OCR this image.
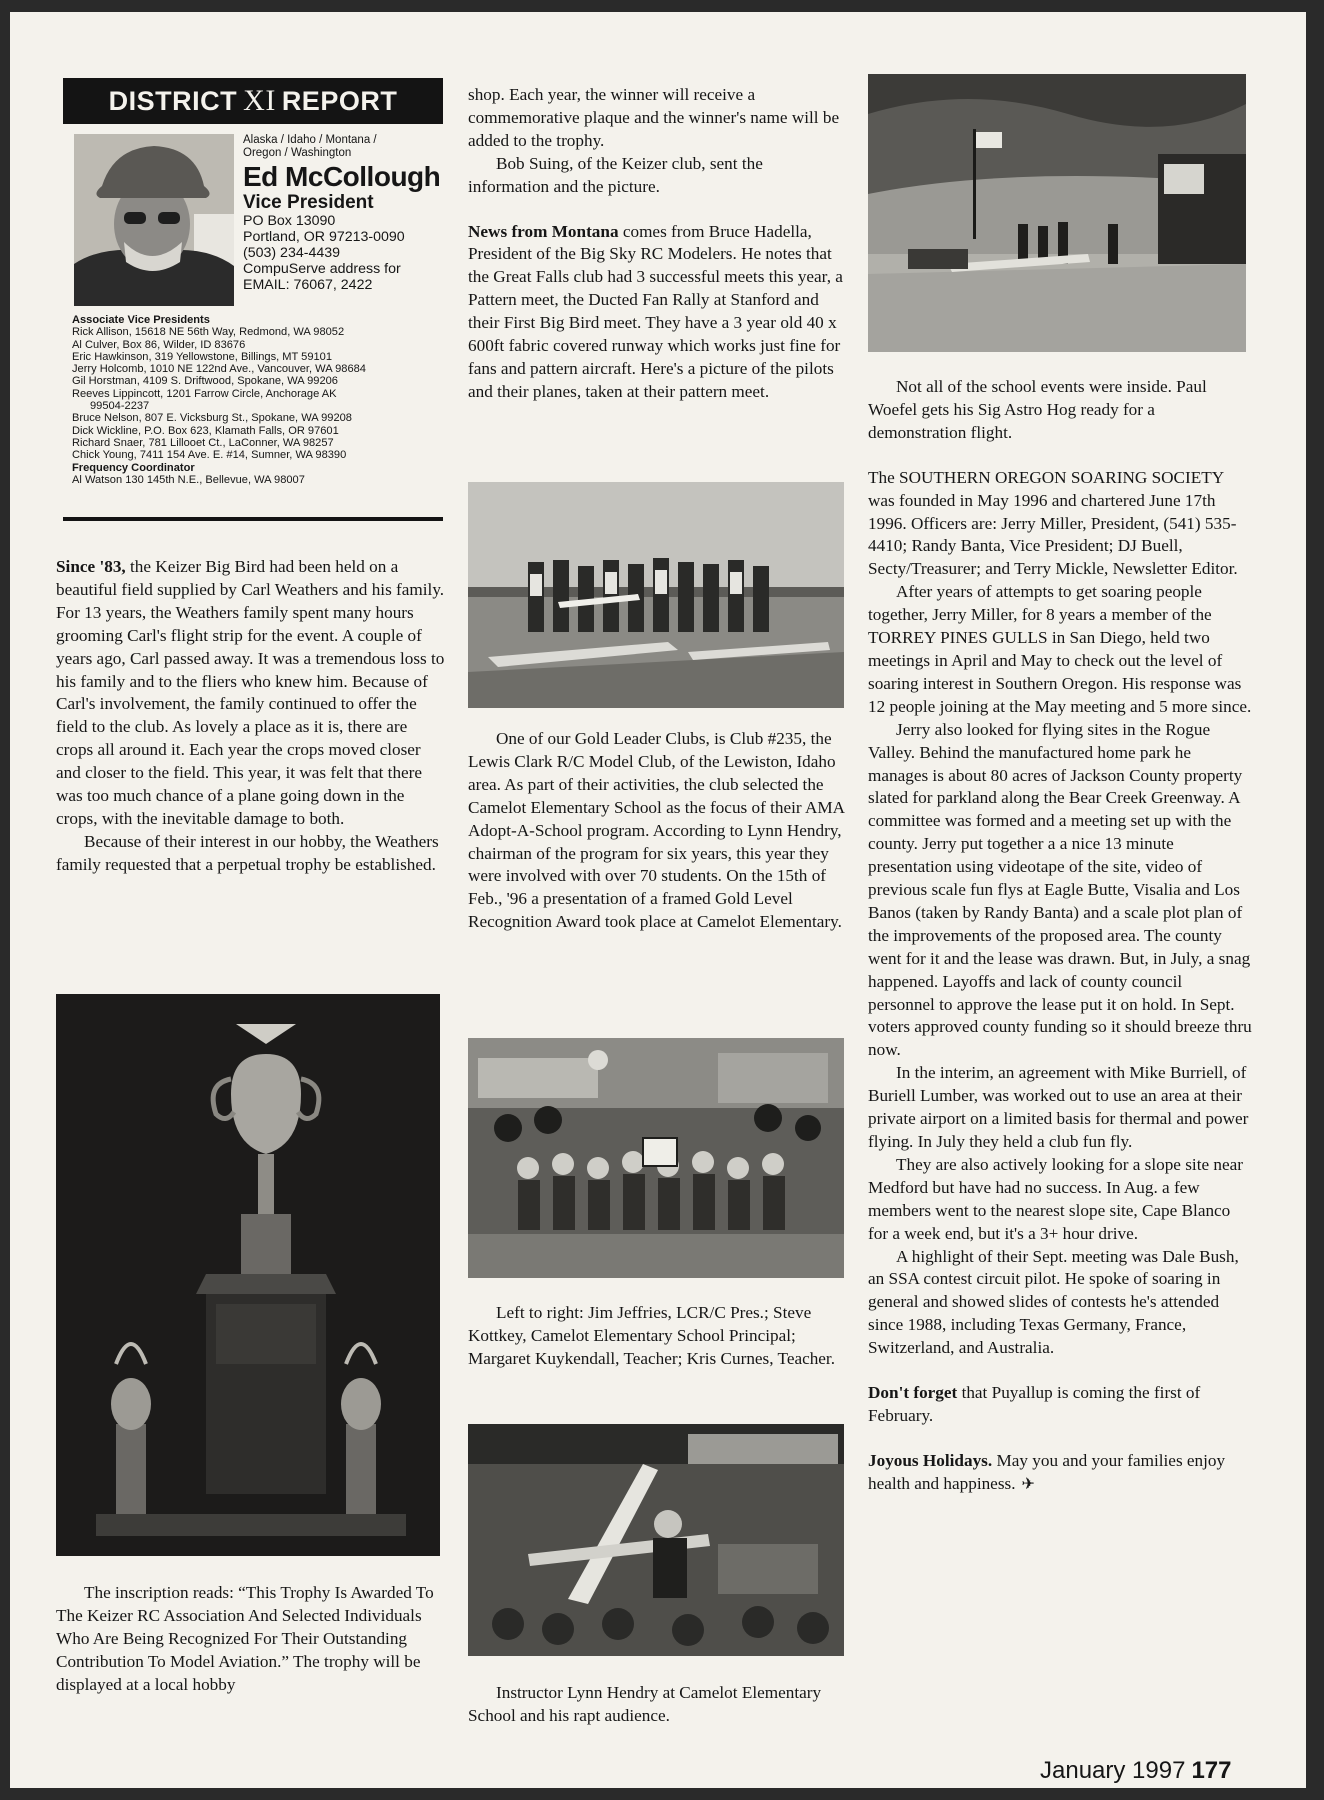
DISTRICT XI REPORT
Alaska / Idaho / Montana /
Oregon / Washington
Ed McCollough
Vice President
PO Box 13090
Portland, OR 97213-0090
(503) 234-4439
CompuServe address for
EMAIL: 76067, 2422
Associate Vice Presidents
Rick Allison, 15618 NE 56th Way, Redmond, WA 98052
Al Culver, Box 86, Wilder, ID 83676
Eric Hawkinson, 319 Yellowstone, Billings, MT 59101
Jerry Holcomb, 1010 NE 122nd Ave., Vancouver, WA 98684
Gil Horstman, 4109 S. Driftwood, Spokane, WA 99206
Reeves Lippincott, 1201 Farrow Circle, Anchorage AK
99504-2237
Bruce Nelson, 807 E. Vicksburg St., Spokane, WA 99208
Dick Wickline, P.O. Box 623, Klamath Falls, OR 97601
Richard Snaer, 781 Lillooet Ct., LaConner, WA 98257
Chick Young, 7411 154 Ave. E. #14, Sumner, WA 98390
Frequency Coordinator
Al Watson 130 145th N.E., Bellevue, WA 98007

Since '83, the Keizer Big Bird had been held on a beautiful field supplied by Carl Weathers and his family. For 13 years, the Weathers family spent many hours grooming Carl's flight strip for the event. A couple of years ago, Carl passed away. It was a tremendous loss to his family and to the fliers who knew him. Because of Carl's involvement, the family continued to offer the field to the club. As lovely a place as it is, there are crops all around it. Each year the crops moved closer and closer to the field. This year, it was felt that there was too much chance of a plane going down in the crops, with the inevitable damage to both.

Because of their interest in our hobby, the Weathers family requested that a perpetual trophy be established.

The inscription reads: “This Trophy Is Awarded To The Keizer RC Association And Selected Individuals Who Are Being Recognized For Their Outstanding Contribution To Model Aviation.” The trophy will be displayed at a local hobby

shop. Each year, the winner will receive a commemorative plaque and the winner's name will be added to the trophy.

Bob Suing, of the Keizer club, sent the information and the picture.

News from Montana comes from Bruce Hadella, President of the Big Sky RC Modelers. He notes that the Great Falls club had 3 successful meets this year, a Pattern meet, the Ducted Fan Rally at Stanford and their First Big Bird meet. They have a 3 year old 40 x 600ft fabric covered runway which works just fine for fans and pattern aircraft. Here's a picture of the pilots and their planes, taken at their pattern meet.

One of our Gold Leader Clubs, is Club #235, the Lewis Clark R/C Model Club, of the Lewiston, Idaho area. As part of their activities, the club selected the Camelot Elementary School as the focus of their AMA Adopt-A-School program. According to Lynn Hendry, chairman of the program for six years, this year they were involved with over 70 students. On the 15th of Feb., '96 a presentation of a framed Gold Level Recognition Award took place at Camelot Elementary.

Left to right: Jim Jeffries, LCR/C Pres.; Steve Kottkey, Camelot Elementary School Principal; Margaret Kuykendall, Teacher; Kris Curnes, Teacher.

Instructor Lynn Hendry at Camelot Elementary School and his rapt audience.

Not all of the school events were inside. Paul Woefel gets his Sig Astro Hog ready for a demonstration flight.

The SOUTHERN OREGON SOARING SOCIETY was founded in May 1996 and chartered June 17th 1996. Officers are: Jerry Miller, President, (541) 535-4410; Randy Banta, Vice President; DJ Buell, Secty/Treasurer; and Terry Mickle, Newsletter Editor.

After years of attempts to get soaring people together, Jerry Miller, for 8 years a member of the TORREY PINES GULLS in San Diego, held two meetings in April and May to check out the level of soaring interest in Southern Oregon. His response was 12 people joining at the May meeting and 5 more since.

Jerry also looked for flying sites in the Rogue Valley. Behind the manufactured home park he manages is about 80 acres of Jackson County property slated for parkland along the Bear Creek Greenway. A committee was formed and a meeting set up with the county. Jerry put together a a nice 13 minute presentation using videotape of the site, video of previous scale fun flys at Eagle Butte, Visalia and Los Banos (taken by Randy Banta) and a scale plot plan of the improvements of the proposed area. The county went for it and the lease was drawn. But, in July, a snag happened. Layoffs and lack of county council personnel to approve the lease put it on hold. In Sept. voters approved county funding so it should breeze thru now.

In the interim, an agreement with Mike Burriell, of Buriell Lumber, was worked out to use an area at their private airport on a limited basis for thermal and power flying. In July they held a club fun fly.

They are also actively looking for a slope site near Medford but have had no success. In Aug. a few members went to the nearest slope site, Cape Blanco for a week end, but it's a 3+ hour drive.

A highlight of their Sept. meeting was Dale Bush, an SSA contest circuit pilot. He spoke of soaring in general and showed slides of contests he's attended since 1988, including Texas Germany, France, Switzerland, and Australia.

Don't forget that Puyallup is coming the first of February.

Joyous Holidays. May you and your families enjoy health and happiness. ✈

January 1997 177
